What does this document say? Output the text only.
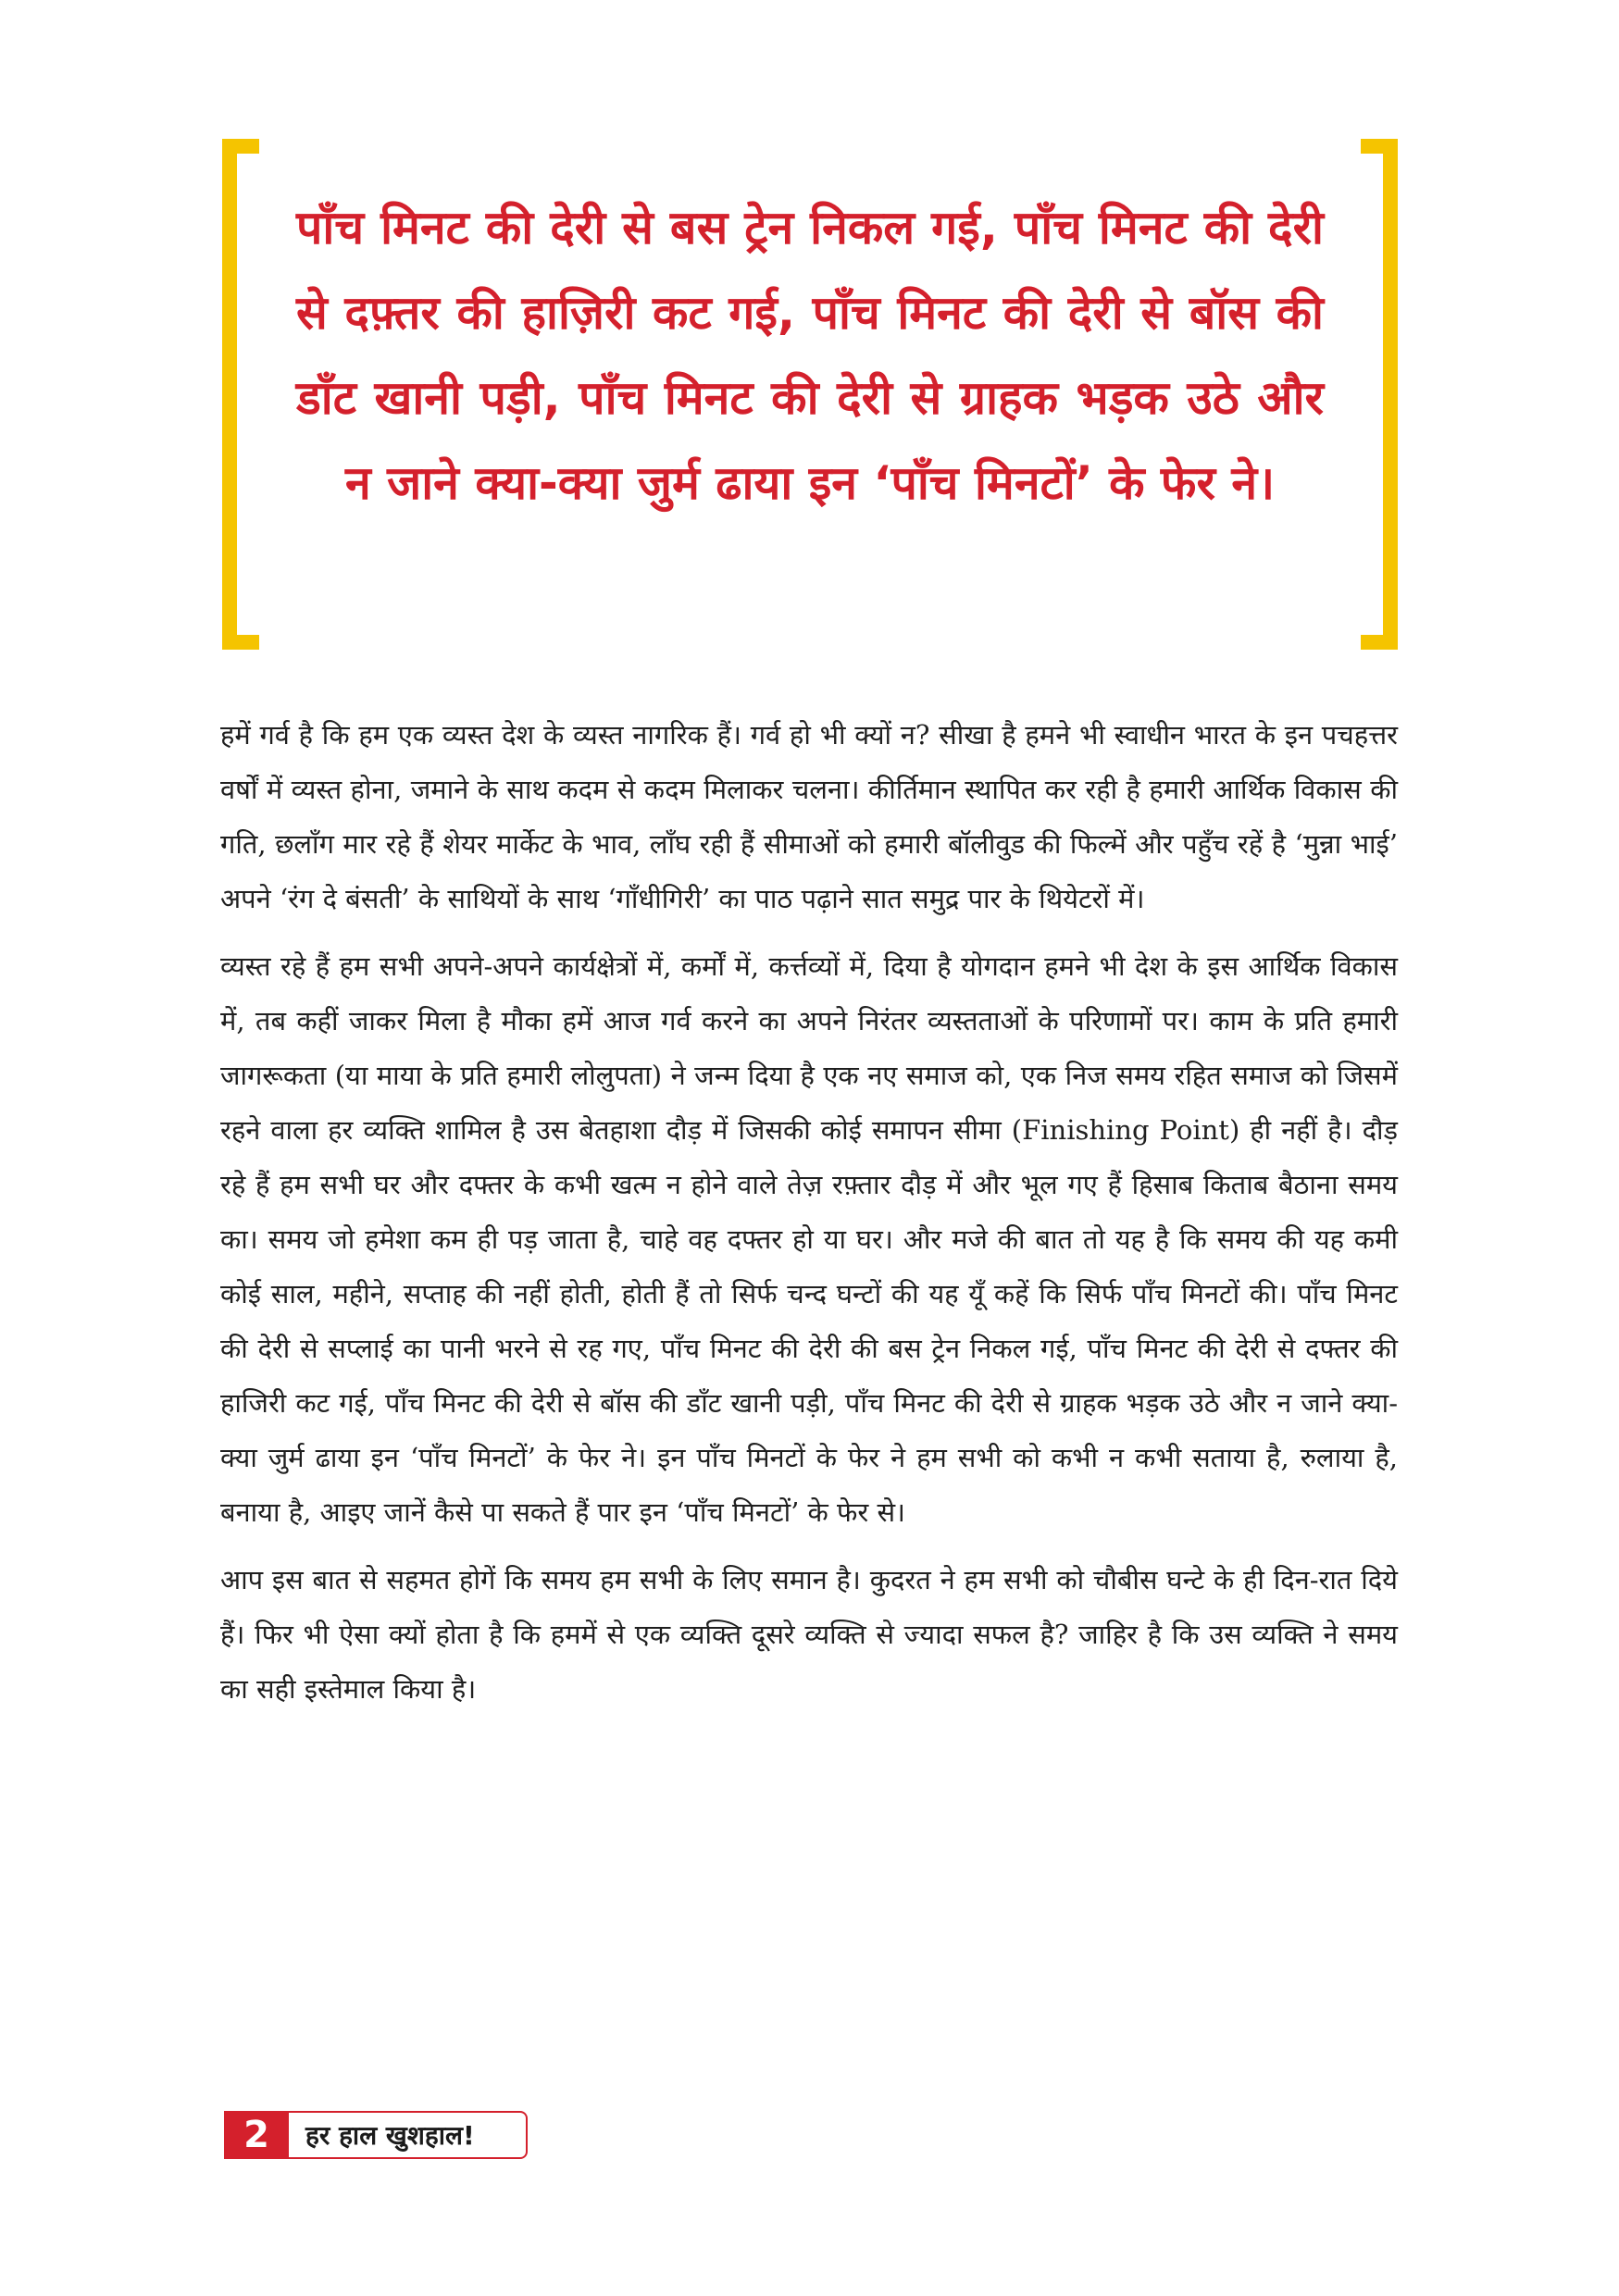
पाँच मिनट की देरी से बस ट्रेन निकल गई, पाँच मिनट की देरी से दफ़्तर की हाज़िरी कट गई, पाँच मिनट की देरी से बॉस की डाँट खानी पड़ी, पाँच मिनट की देरी से ग्राहक भड़क उठे और न जाने क्या-क्या जुर्म ढाया इन ‘पाँच मिनटों’ के फेर ने।

हमें गर्व है कि हम एक व्यस्त देश के व्यस्त नागरिक हैं। गर्व हो भी क्यों न? सीखा है हमने भी स्वाधीन भारत के इन पचहत्तर वर्षों में व्यस्त होना, जमाने के साथ कदम से कदम मिलाकर चलना। कीर्तिमान स्थापित कर रही है हमारी आर्थिक विकास की गति, छलाँग मार रहे हैं शेयर मार्केट के भाव, लाँघ रही हैं सीमाओं को हमारी बॉलीवुड की फिल्में और पहुँच रहें है ‘मुन्ना भाई’ अपने ‘रंग दे बंसती’ के साथियों के साथ ‘गाँधीगिरी’ का पाठ पढ़ाने सात समुद्र पार के थियेटरों में।

व्यस्त रहे हैं हम सभी अपने-अपने कार्यक्षेत्रों में, कर्मों में, कर्त्तव्यों में, दिया है योगदान हमने भी देश के इस आर्थिक विकास में, तब कहीं जाकर मिला है मौका हमें आज गर्व करने का अपने निरंतर व्यस्तताओं के परिणामों पर। काम के प्रति हमारी जागरूकता (या माया के प्रति हमारी लोलुपता) ने जन्म दिया है एक नए समाज को, एक निज समय रहित समाज को जिसमें रहने वाला हर व्यक्ति शामिल है उस बेतहाशा दौड़ में जिसकी कोई समापन सीमा (Finishing Point) ही नहीं है। दौड़ रहे हैं हम सभी घर और दफ्तर के कभी खत्म न होने वाले तेज़ रफ़्तार दौड़ में और भूल गए हैं हिसाब किताब बैठाना समय का। समय जो हमेशा कम ही पड़ जाता है, चाहे वह दफ्तर हो या घर। और मजे की बात तो यह है कि समय की यह कमी कोई साल, महीने, सप्ताह की नहीं होती, होती हैं तो सिर्फ चन्द घन्टों की यह यूँ कहें कि सिर्फ पाँच मिनटों की। पाँच मिनट की देरी से सप्लाई का पानी भरने से रह गए, पाँच मिनट की देरी की बस ट्रेन निकल गई, पाँच मिनट की देरी से दफ्तर की हाजिरी कट गई, पाँच मिनट की देरी से बॉस की डाँट खानी पड़ी, पाँच मिनट की देरी से ग्राहक भड़क उठे और न जाने क्या-क्या जुर्म ढाया इन ‘पाँच मिनटों’ के फेर ने। इन पाँच मिनटों के फेर ने हम सभी को कभी न कभी सताया है, रुलाया है, बनाया है, आइए जानें कैसे पा सकते हैं पार इन ‘पाँच मिनटों’ के फेर से।

आप इस बात से सहमत होगें कि समय हम सभी के लिए समान है। कुदरत ने हम सभी को चौबीस घन्टे के ही दिन-रात दिये हैं। फिर भी ऐसा क्यों होता है कि हममें से एक व्यक्ति दूसरे व्यक्ति से ज्यादा सफल है? जाहिर है कि उस व्यक्ति ने समय का सही इस्तेमाल किया है।

2	हर हाल खुशहाल!
